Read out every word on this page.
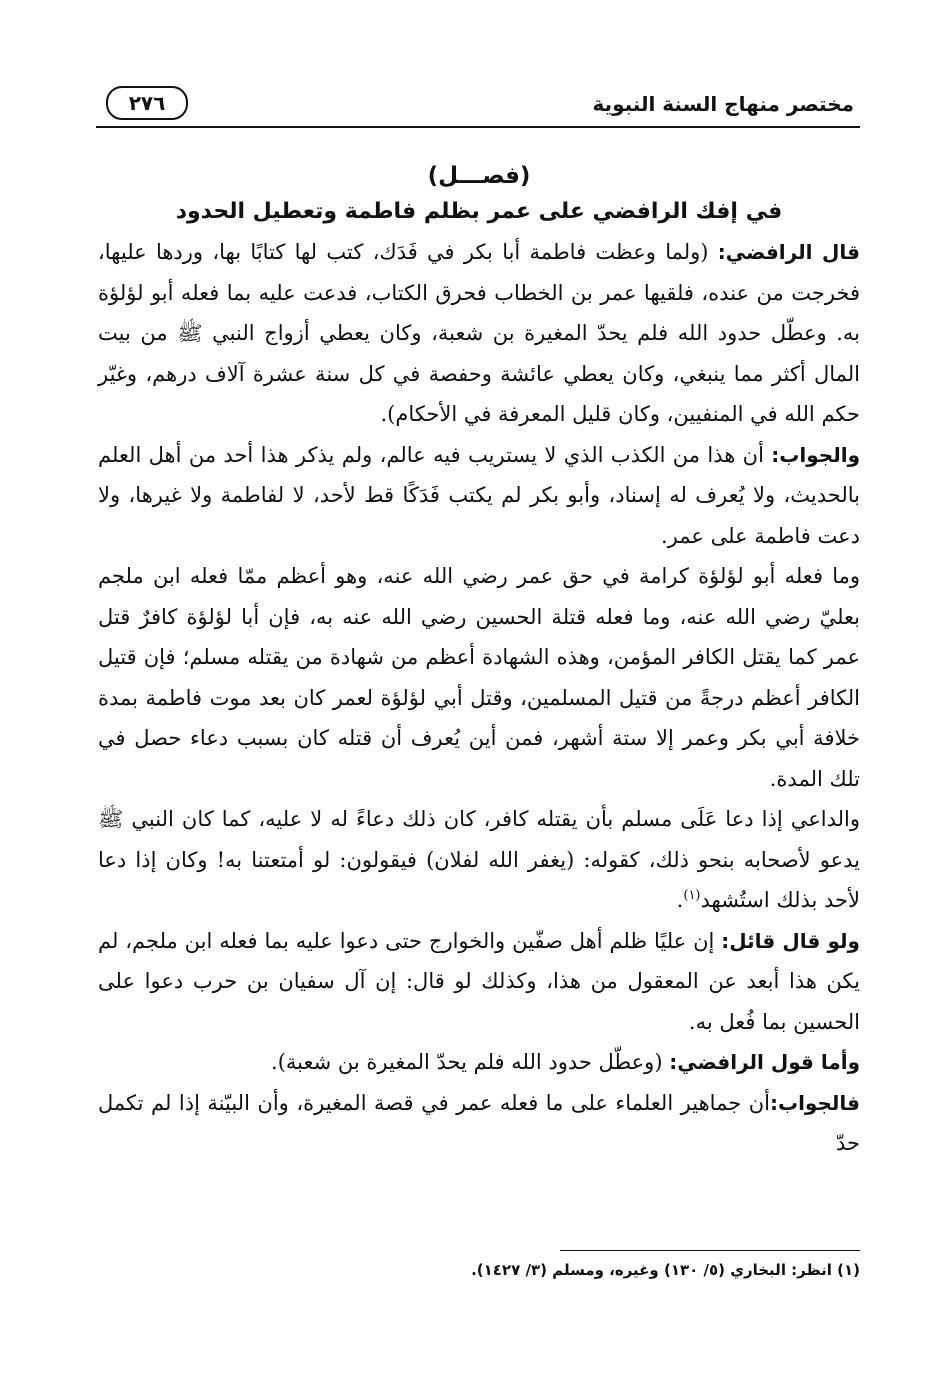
مختصر منهاج السنة النبوية
٢٧٦

(فصـــل)

في إفك الرافضي على عمر بظلم فاطمة وتعطيل الحدود

قال الرافضي: (ولما وعظت فاطمة أبا بكر في فَدَك، كتب لها كتابًا بها، وردها عليها، فخرجت من عنده، فلقيها عمر بن الخطاب فحرق الكتاب، فدعت عليه بما فعله أبو لؤلؤة به. وعطّل حدود الله فلم يحدّ المغيرة بن شعبة، وكان يعطي أزواج النبي ﷺ من بيت المال أكثر مما ينبغي، وكان يعطي عائشة وحفصة في كل سنة عشرة آلاف درهم، وغيّر حكم الله في المنفيين، وكان قليل المعرفة في الأحكام).

والجواب: أن هذا من الكذب الذي لا يستريب فيه عالم، ولم يذكر هذا أحد من أهل العلم بالحديث، ولا يُعرف له إسناد، وأبو بكر لم يكتب فَدَكًا قط لأحد، لا لفاطمة ولا غيرها، ولا دعت فاطمة على عمر.

وما فعله أبو لؤلؤة كرامة في حق عمر رضي الله عنه، وهو أعظم ممّا فعله ابن ملجم بعليّ رضي الله عنه، وما فعله قتلة الحسين رضي الله عنه به، فإن أبا لؤلؤة كافرٌ قتل عمر كما يقتل الكافر المؤمن، وهذه الشهادة أعظم من شهادة من يقتله مسلم؛ فإن قتيل الكافر أعظم درجةً من قتيل المسلمين، وقتل أبي لؤلؤة لعمر كان بعد موت فاطمة بمدة خلافة أبي بكر وعمر إلا ستة أشهر، فمن أين يُعرف أن قتله كان بسبب دعاء حصل في تلك المدة.

والداعي إذا دعا عَلَى مسلم بأن يقتله كافر، كان ذلك دعاءً له لا عليه، كما كان النبي ﷺ يدعو لأصحابه بنحو ذلك، كقوله: (يغفر الله لفلان) فيقولون: لو أمتعتنا به! وكان إذا دعا لأحد بذلك استُشهد$^{(١)}$.

ولو قال قائل: إن عليًا ظلم أهل صفّين والخوارج حتى دعوا عليه بما فعله ابن ملجم، لم يكن هذا أبعد عن المعقول من هذا، وكذلك لو قال: إن آل سفيان بن حرب دعوا على الحسين بما فُعل به.

وأما قول الرافضي: (وعطّل حدود الله فلم يحدّ المغيرة بن شعبة).

فالجواب:أن جماهير العلماء على ما فعله عمر في قصة المغيرة، وأن البيّنة إذا لم تكمل حدّ

(١) انظر: البخاري (٥/ ١٣٠) وغيره، ومسلم (٣/ ١٤٢٧).
